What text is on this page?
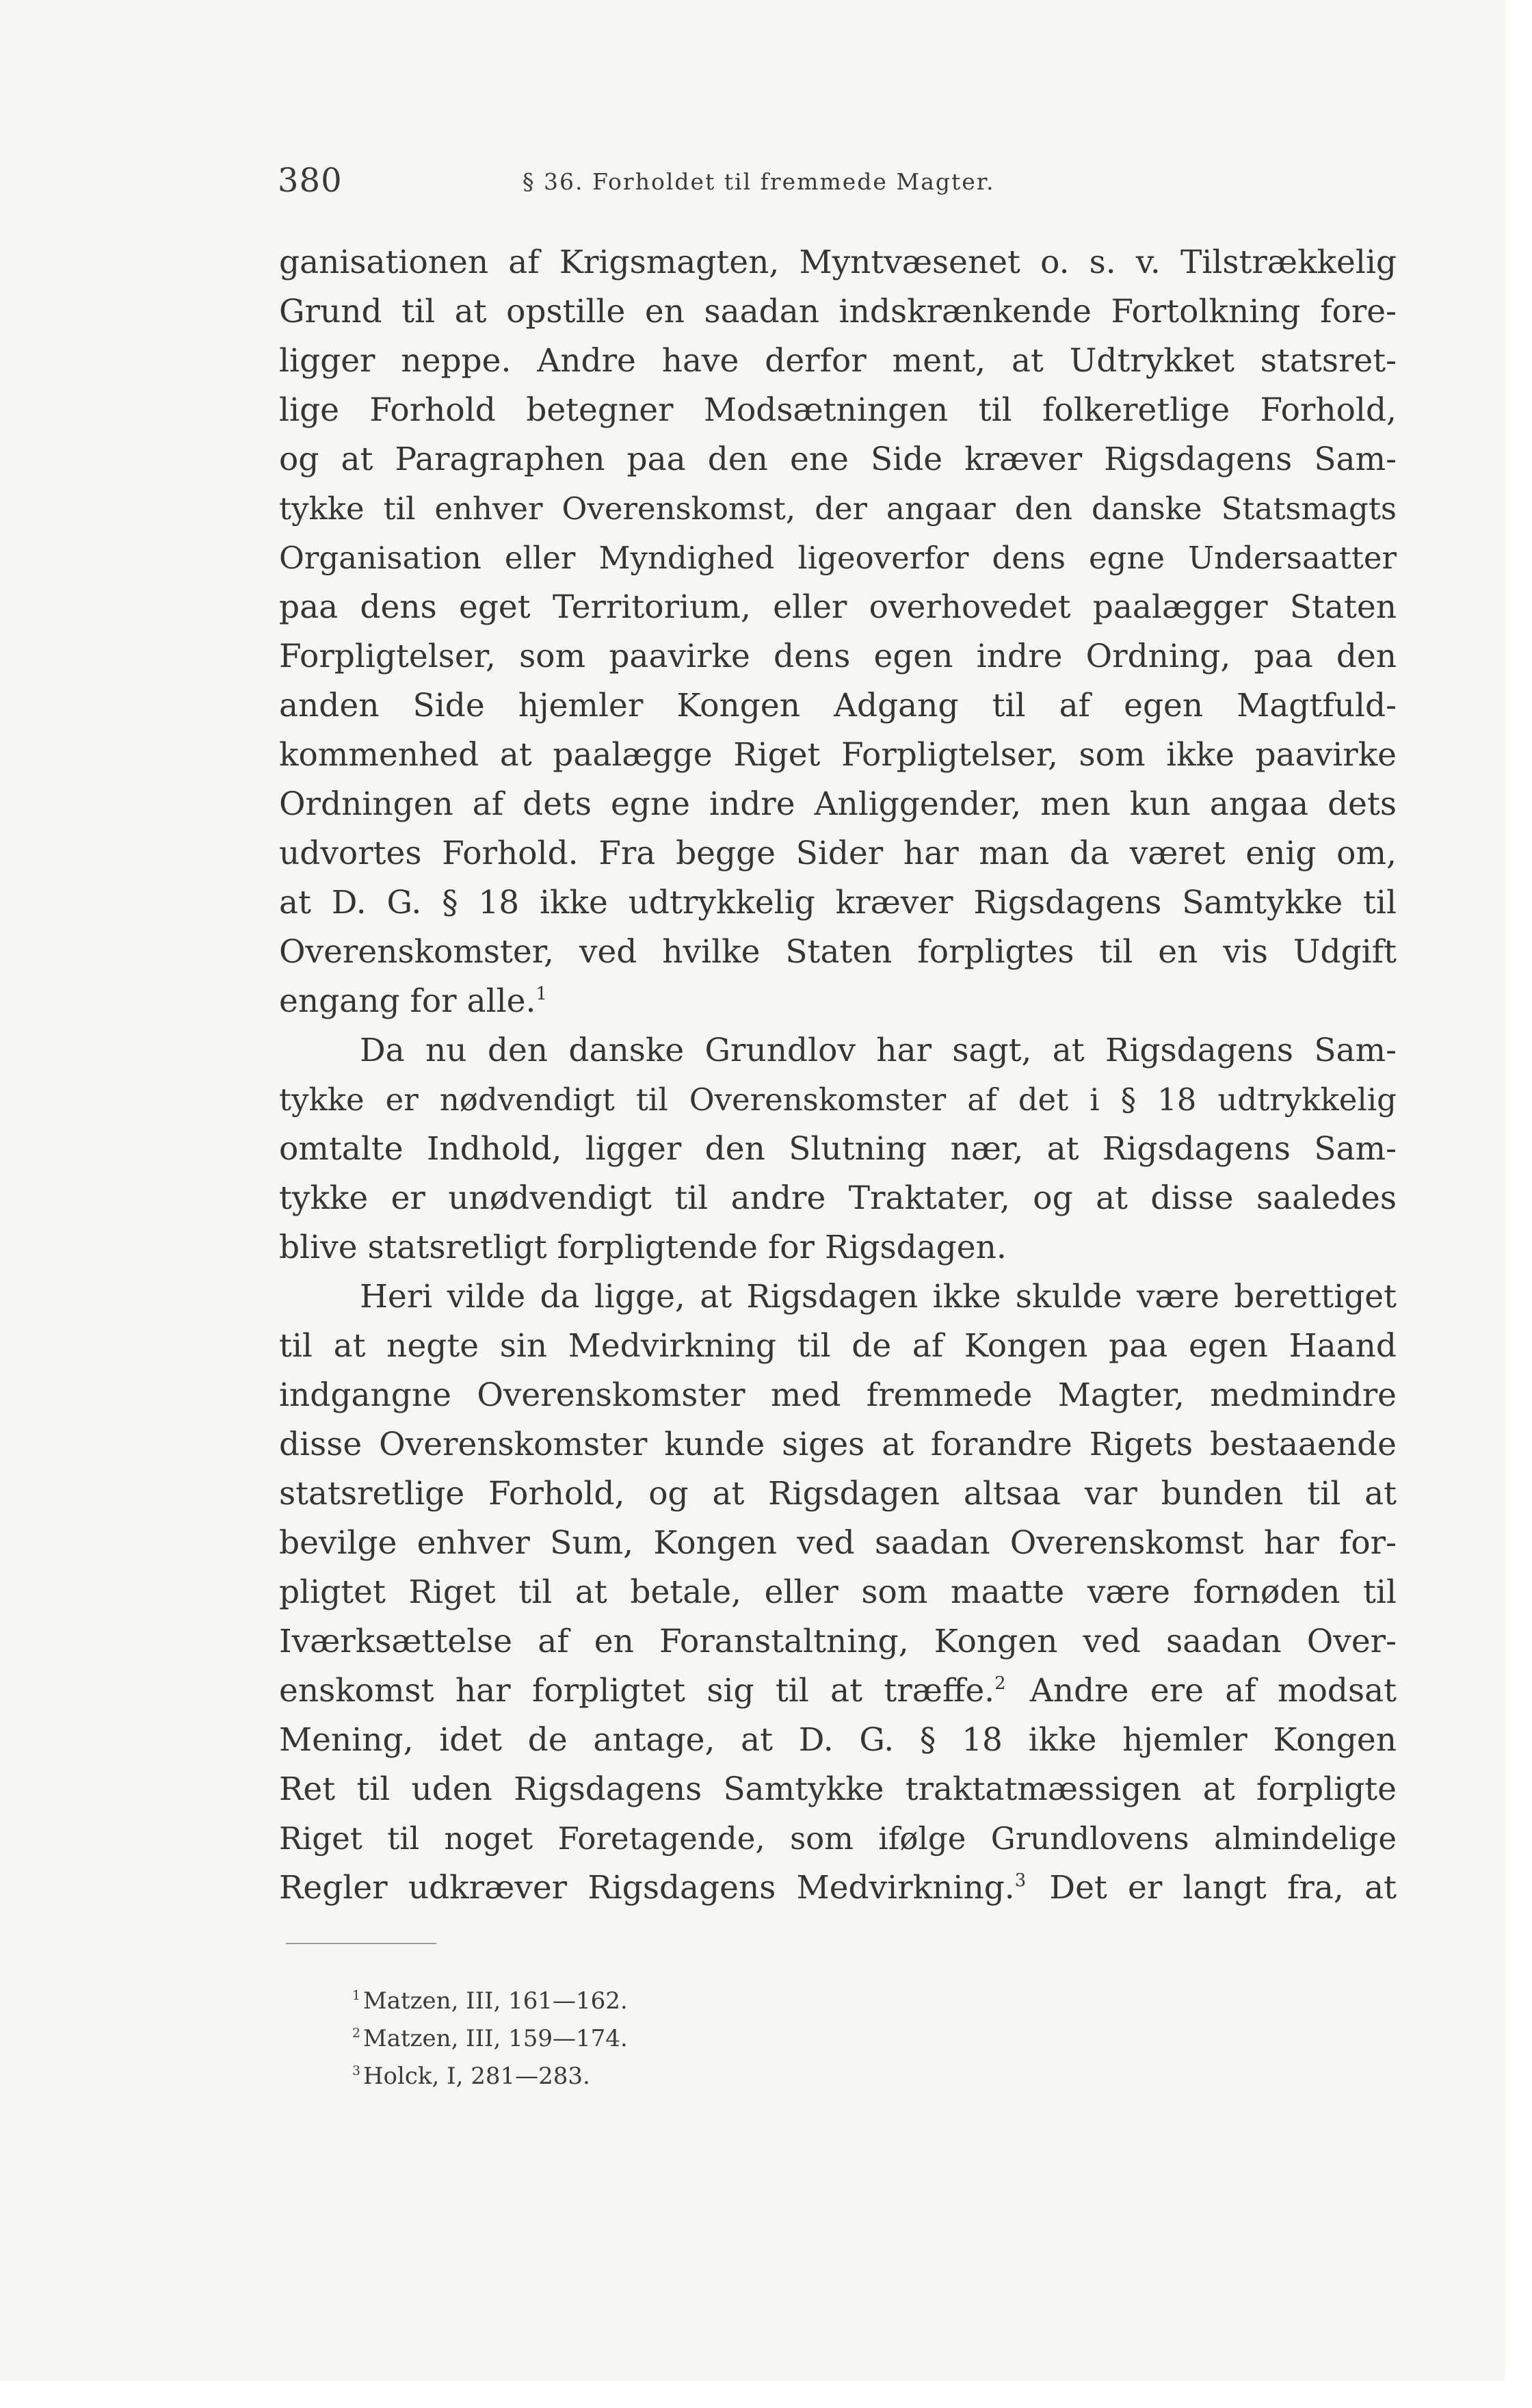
380	§ 36. Forholdet til fremmede Magter.
ganisationen af Krigsmagten, Myntvæsenet o. s. v. Tilstrækkelig
Grund til at opstille en saadan indskrænkende Fortolkning fore-
ligger neppe. Andre have derfor ment, at Udtrykket statsret-
lige Forhold betegner Modsætningen til folkeretlige Forhold,
og at Paragraphen paa den ene Side kræver Rigsdagens Sam-
tykke til enhver Overenskomst, der angaar den danske Statsmagts
Organisation eller Myndighed ligeoverfor dens egne Undersaatter
paa dens eget Territorium, eller overhovedet paalægger Staten
Forpligtelser, som paavirke dens egen indre Ordning, paa den
anden Side hjemler Kongen Adgang til af egen Magtfuld-
kommenhed at paalægge Riget Forpligtelser, som ikke paavirke
Ordningen af dets egne indre Anliggender, men kun angaa dets
udvortes Forhold. Fra begge Sider har man da været enig om,
at D. G. § 18 ikke udtrykkelig kræver Rigsdagens Samtykke til
Overenskomster, ved hvilke Staten forpligtes til en vis Udgift
engang for alle.$^1$
Da nu den danske Grundlov har sagt, at Rigsdagens Sam-
tykke er nødvendigt til Overenskomster af det i § 18 udtrykkelig
omtalte Indhold, ligger den Slutning nær, at Rigsdagens Sam-
tykke er unødvendigt til andre Traktater, og at disse saaledes
blive statsretligt forpligtende for Rigsdagen.
Heri vilde da ligge, at Rigsdagen ikke skulde være berettiget
til at negte sin Medvirkning til de af Kongen paa egen Haand
indgangne Overenskomster med fremmede Magter, medmindre
disse Overenskomster kunde siges at forandre Rigets bestaaende
statsretlige Forhold, og at Rigsdagen altsaa var bunden til at
bevilge enhver Sum, Kongen ved saadan Overenskomst har for-
pligtet Riget til at betale, eller som maatte være fornøden til
Iværksættelse af en Foranstaltning, Kongen ved saadan Over-
enskomst har forpligtet sig til at træffe.$^2$ Andre ere af modsat
Mening, idet de antage, at D. G. § 18 ikke hjemler Kongen
Ret til uden Rigsdagens Samtykke traktatmæssigen at forpligte
Riget til noget Foretagende, som ifølge Grundlovens almindelige
Regler udkræver Rigsdagens Medvirkning.$^3$ Det er langt fra, at
$^1$ Matzen, III, 161—162.
$^2$ Matzen, III, 159—174.
$^3$ Holck, I, 281—283.
